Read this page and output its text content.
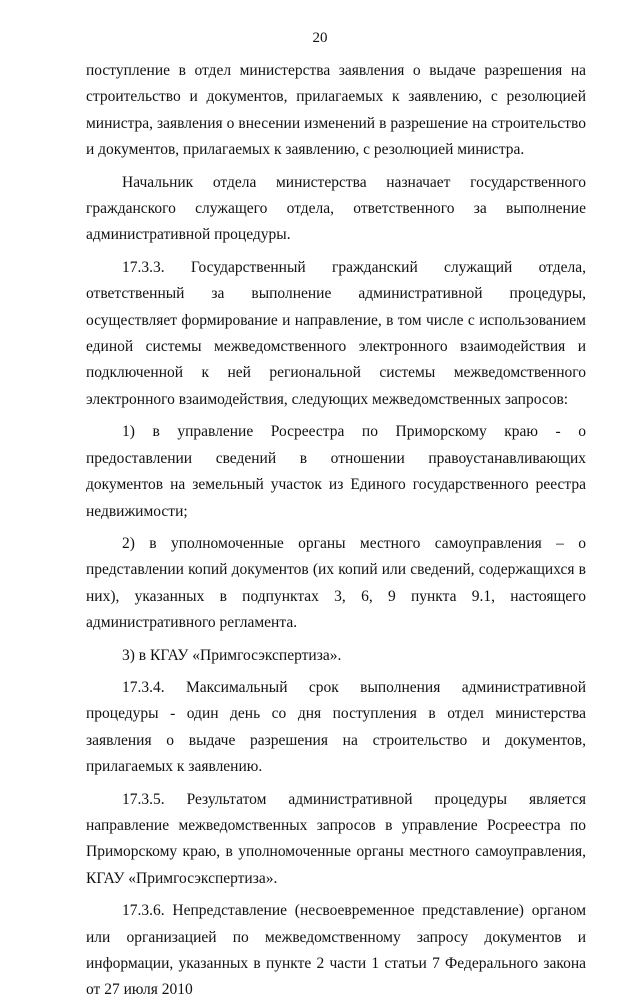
20

поступление в отдел министерства заявления о выдаче разрешения на строительство и документов, прилагаемых к заявлению, с резолюцией министра, заявления о внесении изменений в разрешение на строительство и документов, прилагаемых к заявлению, с резолюцией министра.

Начальник отдела министерства назначает государственного гражданского служащего отдела, ответственного за выполнение административной процедуры.

17.3.3. Государственный гражданский служащий отдела, ответственный за выполнение административной процедуры, осуществляет формирование и направление, в том числе с использованием единой системы межведомственного электронного взаимодействия и подключенной к ней региональной системы межведомственного электронного взаимодействия, следующих межведомственных запросов:

1) в управление Росреестра по Приморскому краю - о предоставлении сведений в отношении правоустанавливающих документов на земельный участок из Единого государственного реестра недвижимости;

2) в уполномоченные органы местного самоуправления – о представлении копий документов (их копий или сведений, содержащихся в них), указанных в подпунктах 3, 6, 9 пункта 9.1, настоящего административного регламента.

3) в КГАУ «Примгосэкспертиза».

17.3.4. Максимальный срок выполнения административной процедуры - один день со дня поступления в отдел министерства заявления о выдаче разрешения на строительство и документов, прилагаемых к заявлению.

17.3.5. Результатом административной процедуры является направление межведомственных запросов в управление Росреестра по Приморскому краю, в уполномоченные органы местного самоуправления, КГАУ «Примгосэкспертиза».

17.3.6. Непредставление (несвоевременное представление) органом или организацией по межведомственному запросу документов и информации, указанных в пункте 2 части 1 статьи 7 Федерального закона от 27 июля 2010
